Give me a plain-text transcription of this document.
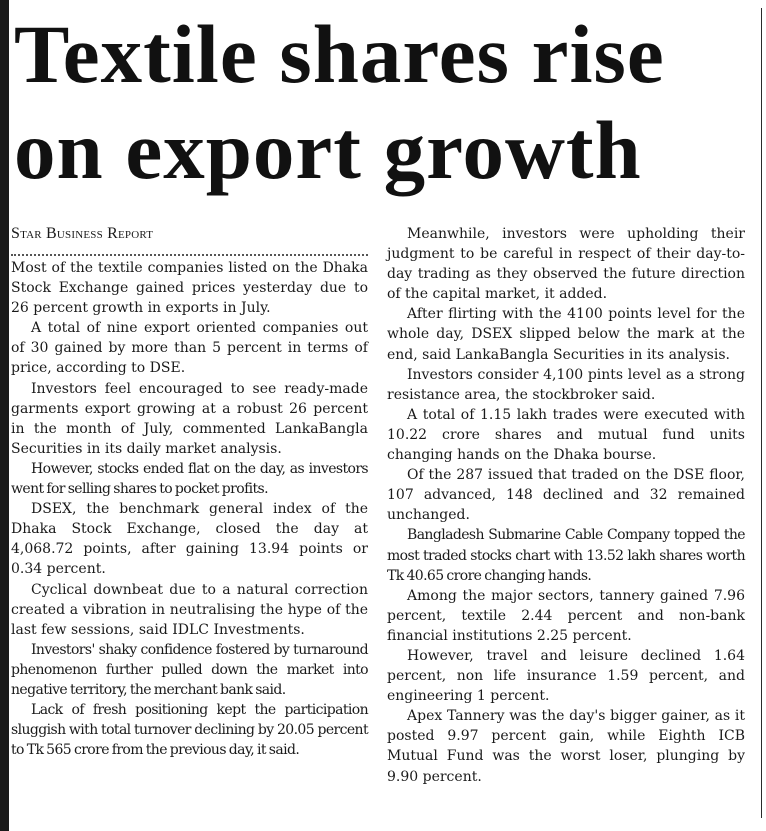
Textile shares rise
on export growth
Star Business Report

Most of the textile companies listed on the Dhaka Stock Exchange gained prices yesterday due to 26 percent growth in exports in July.

A total of nine export oriented companies out of 30 gained by more than 5 percent in terms of price, according to DSE.

Investors feel encouraged to see ready-made garments export growing at a robust 26 percent in the month of July, commented LankaBangla Securities in its daily market analysis.

However, stocks ended flat on the day, as investors went for selling shares to pocket profits.

DSEX, the benchmark general index of the Dhaka Stock Exchange, closed the day at 4,068.72 points, after gaining 13.94 points or 0.34 percent.

Cyclical downbeat due to a natural correction created a vibration in neutralising the hype of the last few sessions, said IDLC Investments.

Investors' shaky confidence fostered by turnaround phenomenon further pulled down the market into negative territory, the merchant bank said.

Lack of fresh positioning kept the participation sluggish with total turnover declining by 20.05 percent to Tk 565 crore from the previous day, it said.

Meanwhile, investors were upholding their judgment to be careful in respect of their day-to-day trading as they observed the future direction of the capital market, it added.

After flirting with the 4100 points level for the whole day, DSEX slipped below the mark at the end, said LankaBangla Securities in its analysis.

Investors consider 4,100 pints level as a strong resistance area, the stockbroker said.

A total of 1.15 lakh trades were executed with 10.22 crore shares and mutual fund units changing hands on the Dhaka bourse.

Of the 287 issued that traded on the DSE floor, 107 advanced, 148 declined and 32 remained unchanged.

Bangladesh Submarine Cable Company topped the most traded stocks chart with 13.52 lakh shares worth Tk 40.65 crore changing hands.

Among the major sectors, tannery gained 7.96 percent, textile 2.44 percent and non-bank financial institutions 2.25 percent.

However, travel and leisure declined 1.64 percent, non life insurance 1.59 percent, and engineering 1 percent.

Apex Tannery was the day's bigger gainer, as it posted 9.97 percent gain, while Eighth ICB Mutual Fund was the worst loser, plunging by 9.90 percent.
